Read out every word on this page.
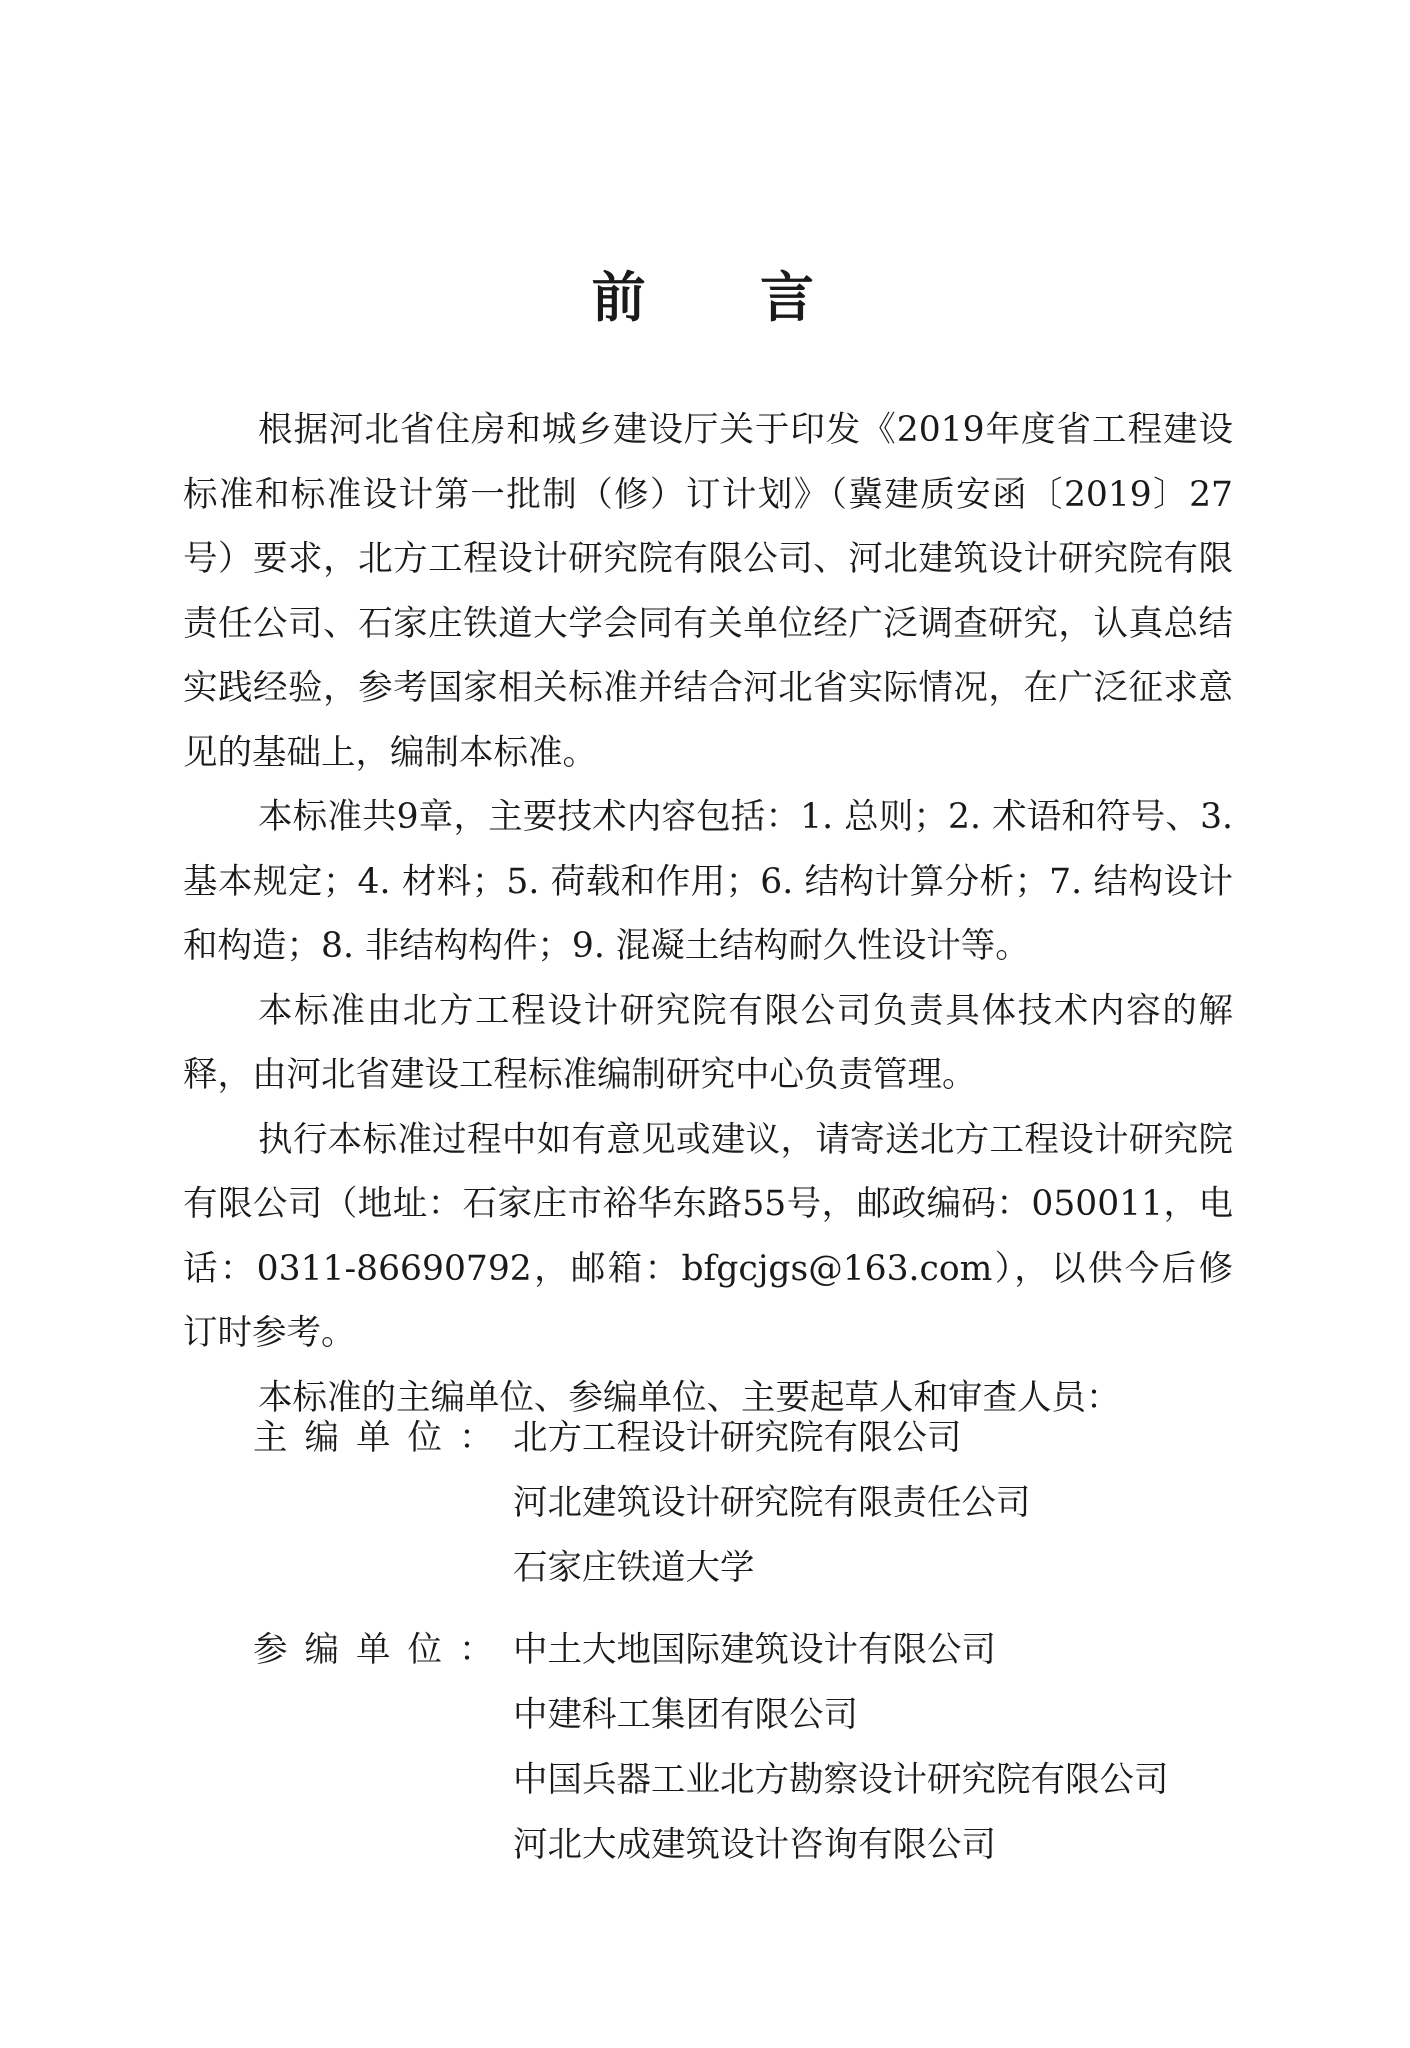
前 言

根据河北省住房和城乡建设厅关于印发《2019年度省工程建设标准和标准设计第一批制（修）订计划》（冀建质安函〔2019〕27号）要求，北方工程设计研究院有限公司、河北建筑设计研究院有限责任公司、石家庄铁道大学会同有关单位经广泛调查研究，认真总结实践经验，参考国家相关标准并结合河北省实际情况，在广泛征求意见的基础上，编制本标准。

本标准共9章，主要技术内容包括：1. 总则；2. 术语和符号、3. 基本规定；4. 材料；5. 荷载和作用；6. 结构计算分析；7. 结构设计和构造；8. 非结构构件；9. 混凝土结构耐久性设计等。

本标准由北方工程设计研究院有限公司负责具体技术内容的解释，由河北省建设工程标准编制研究中心负责管理。

执行本标准过程中如有意见或建议，请寄送北方工程设计研究院有限公司（地址：石家庄市裕华东路55号，邮政编码：050011，电话：0311-86690792，邮箱：bfgcjgs@163.com），以供今后修订时参考。

本标准的主编单位、参编单位、主要起草人和审查人员：

主编单位： 北方工程设计研究院有限公司
河北建筑设计研究院有限责任公司
石家庄铁道大学
参编单位： 中土大地国际建筑设计有限公司
中建科工集团有限公司
中国兵器工业北方勘察设计研究院有限公司
河北大成建筑设计咨询有限公司
